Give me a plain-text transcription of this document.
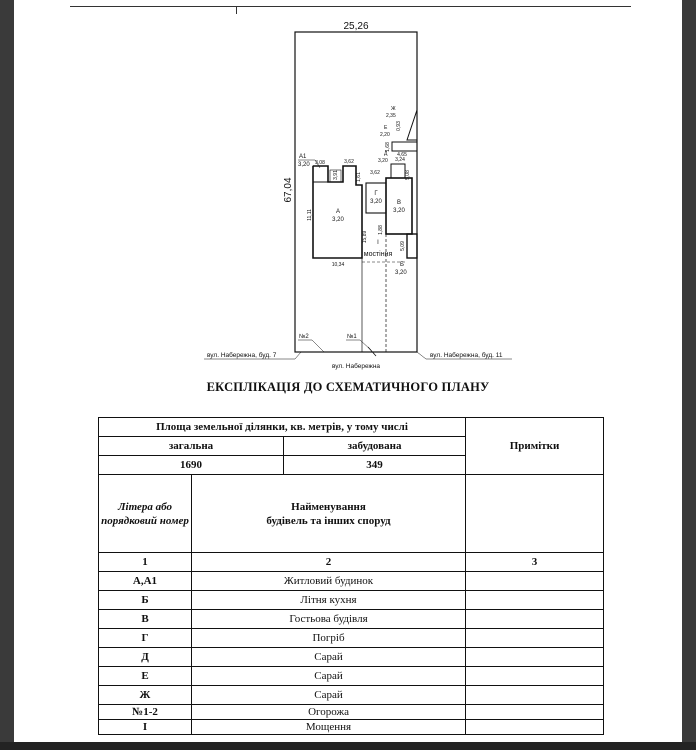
25,26
67,04
А1
3,20
А
3,20
10,34
11,11
3,08	3,62
3,91	1,61
15,89
Г
3,20
3,62
1,88
В
3,20
Д
3,20 3,24
5,08
Е
2,20
4,65
1,68
Ж
2,35
0,93
Б
3,20
5,09
І
мостіння
№2	№1
вул. Набережна, буд. 7
вул. Набережна
вул. Набережна, буд. 11
ЕКСПЛІКАЦІЯ ДО СХЕМАТИЧНОГО ПЛАНУ
Площа земельної ділянки, кв. метрів, у тому числі			Примітки
загальна		забудована	
1690		349	
Літера або порядковий номер	Найменування
будівель та інших споруд		

1	2		3
А,А1	Житловий будинок		
Б	Літня кухня		
В	Гостьова будівля		
Г	Погріб		
Д	Сарай		
Е	Сарай		
Ж	Сарай		
№1-2	Огорожа		
І	Мощення		
